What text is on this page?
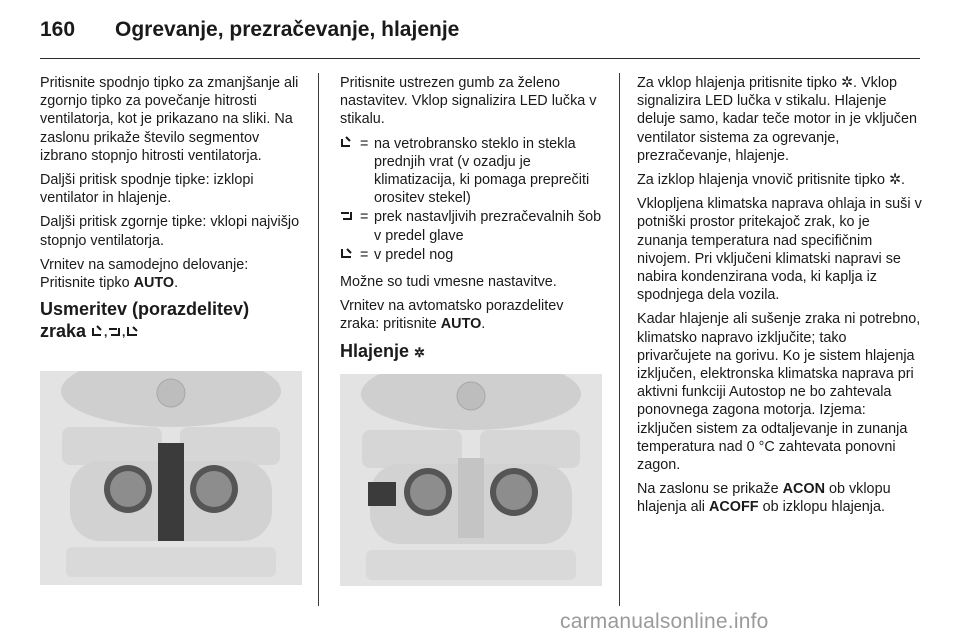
160 Ogrevanje, prezračevanje, hlajenje

Pritisnite spodnjo tipko za zmanjšanje ali zgornjo tipko za povečanje hitrosti ventilatorja, kot je prikazano na sliki. Na zaslonu prikaže število segmentov izbrano stopnjo hitrosti ventilatorja.

Daljši pritisk spodnje tipke: izklopi ventilator in hlajenje.

Daljši pritisk zgornje tipke: vklopi najvišjo stopnjo ventilatorja.

Vrnitev na samodejno delovanje: Pritisnite tipko AUTO.

Usmeritev (porazdelitev)
zraka , ,

Pritisnite ustrezen gumb za želeno nastavitev. Vklop signalizira LED lučka v stikalu.

= na vetrobransko steklo in stekla prednjih vrat (v ozadju je klimatizacija, ki pomaga preprečiti orositev stekel)
= prek nastavljivih prezračevalnih šob v predel glave
= v predel nog

Možne so tudi vmesne nastavitve.

Vrnitev na avtomatsko porazdelitev zraka: pritisnite AUTO.

Hlajenje ✲

Za vklop hlajenja pritisnite tipko ✲. Vklop signalizira LED lučka v stikalu. Hlajenje deluje samo, kadar teče motor in je vključen ventilator sistema za ogrevanje, prezračevanje, hlajenje.

Za izklop hlajenja vnovič pritisnite tipko ✲.

Vklopljena klimatska naprava ohlaja in suši v potniški prostor pritekajoč zrak, ko je zunanja temperatura nad specifičnim nivojem. Pri vključeni klimatski napravi se nabira kondenzirana voda, ki kaplja iz spodnjega dela vozila.

Kadar hlajenje ali sušenje zraka ni potrebno, klimatsko napravo izključite; tako privarčujete na gorivu. Ko je sistem hlajenja izključen, elektronska klimatska naprava pri aktivni funkciji Autostop ne bo zahtevala ponovnega zagona motorja. Izjema: izključen sistem za odtaljevanje in zunanja temperatura nad 0 °C zahtevata ponovni zagon.

Na zaslonu se prikaže ACON ob vklopu hlajenja ali ACOFF ob izklopu hlajenja.

carmanualsonline.info
